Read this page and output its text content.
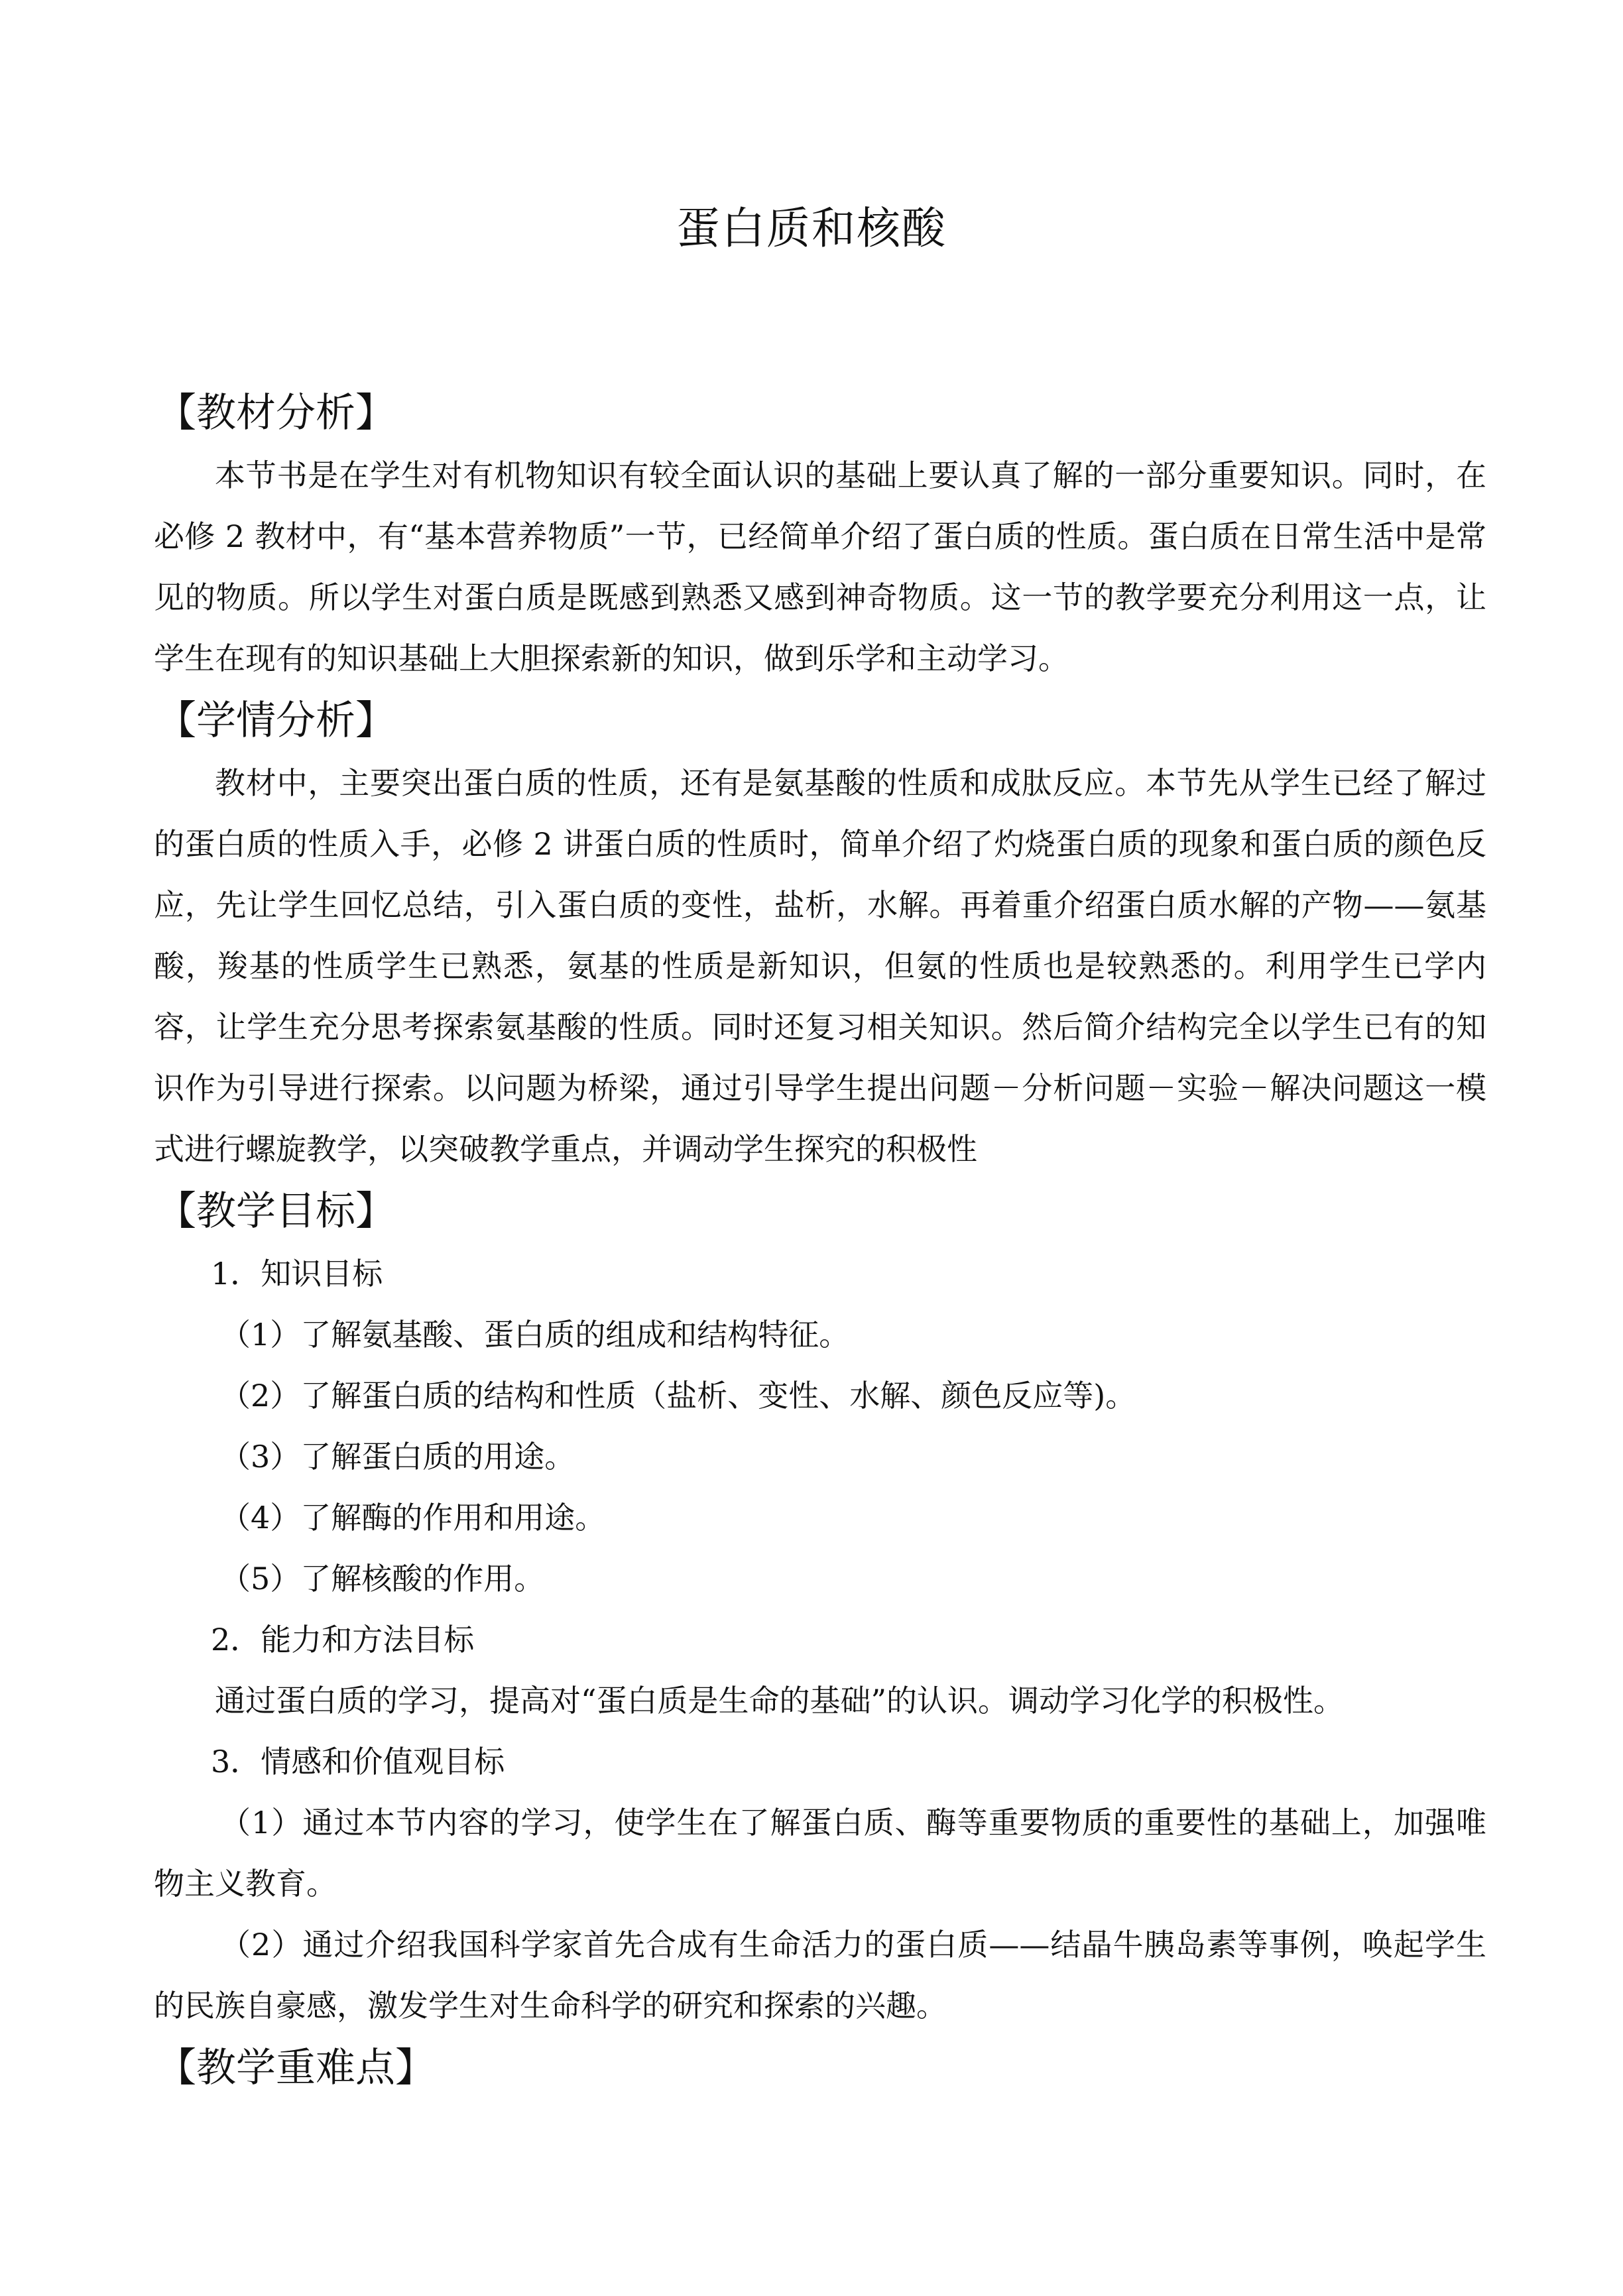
蛋白质和核酸
【教材分析】

本节书是在学生对有机物知识有较全面认识的基础上要认真了解的一部分重要知识。同时，在必修 2 教材中，有“基本营养物质”一节，已经简单介绍了蛋白质的性质。蛋白质在日常生活中是常见的物质。所以学生对蛋白质是既感到熟悉又感到神奇物质。这一节的教学要充分利用这一点，让学生在现有的知识基础上大胆探索新的知识，做到乐学和主动学习。

【学情分析】

教材中，主要突出蛋白质的性质，还有是氨基酸的性质和成肽反应。本节先从学生已经了解过的蛋白质的性质入手，必修 2 讲蛋白质的性质时，简单介绍了灼烧蛋白质的现象和蛋白质的颜色反应，先让学生回忆总结，引入蛋白质的变性，盐析，水解。再着重介绍蛋白质水解的产物——氨基酸，羧基的性质学生已熟悉，氨基的性质是新知识，但氨的性质也是较熟悉的。利用学生已学内容，让学生充分思考探索氨基酸的性质。同时还复习相关知识。然后简介结构完全以学生已有的知识作为引导进行探索。以问题为桥梁，通过引导学生提出问题－分析问题－实验－解决问题这一模式进行螺旋教学，以突破教学重点，并调动学生探究的积极性

【教学目标】
1．知识目标
（1）了解氨基酸、蛋白质的组成和结构特征。
（2）了解蛋白质的结构和性质（盐析、变性、水解、颜色反应等)。
（3）了解蛋白质的用途。
（4）了解酶的作用和用途。
（5）了解核酸的作用。
2．能力和方法目标
通过蛋白质的学习，提高对“蛋白质是生命的基础”的认识。调动学习化学的积极性。
3．情感和价值观目标

（1）通过本节内容的学习，使学生在了解蛋白质、酶等重要物质的重要性的基础上，加强唯物主义教育。

（2）通过介绍我国科学家首先合成有生命活力的蛋白质——结晶牛胰岛素等事例，唤起学生的民族自豪感，激发学生对生命科学的研究和探索的兴趣。

【教学重难点】
